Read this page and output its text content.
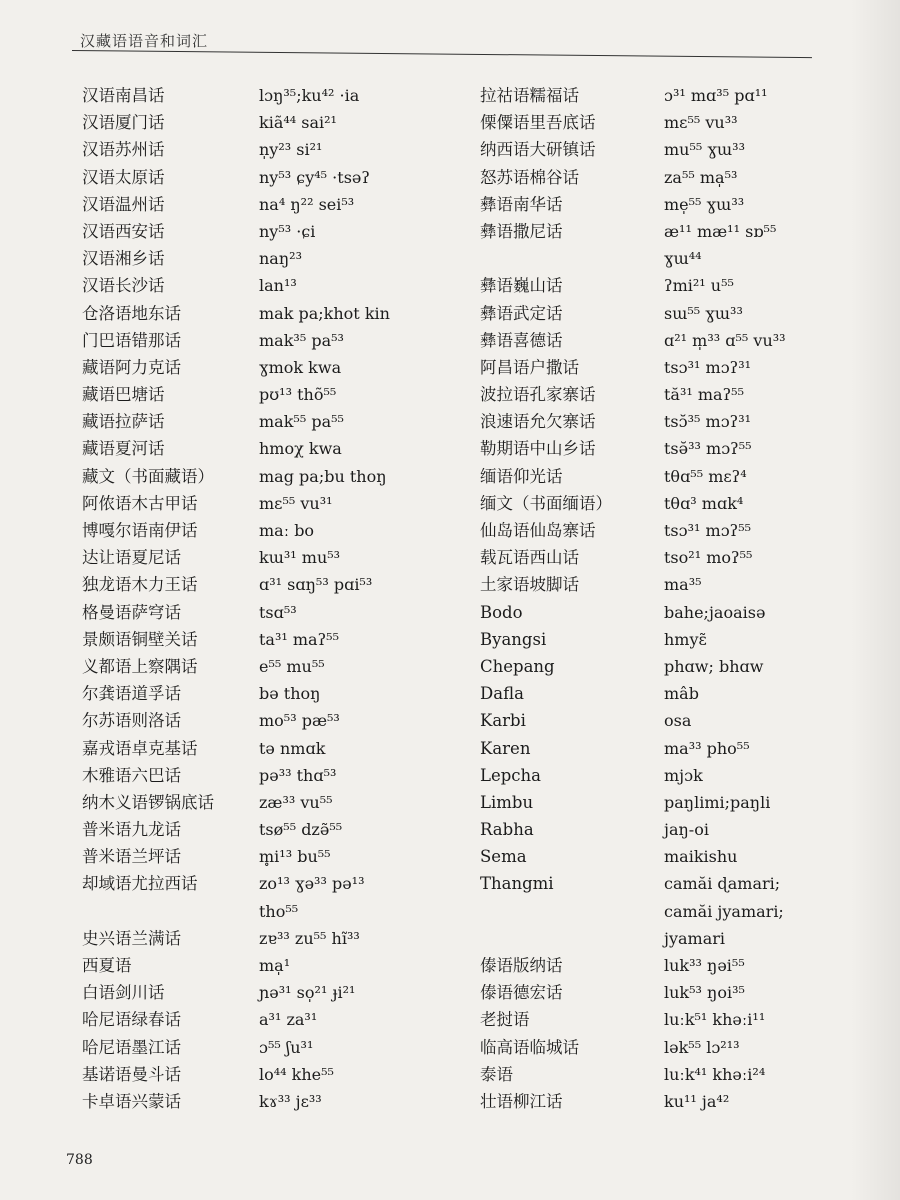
汉藏语语音和词汇
汉语南昌话
汉语厦门话
汉语苏州话
汉语太原话
汉语温州话
汉语西安话
汉语湘乡话
汉语长沙话
仓洛语地东话
门巴语错那话
藏语阿力克话
藏语巴塘话
藏语拉萨话
藏语夏河话
藏文（书面藏语）
阿侬语木古甲话
博嘎尔语南伊话
达让语夏尼话
独龙语木力王话
格曼语萨穹话
景颇语铜壁关话
义都语上察隅话
尔龚语道孚话
尔苏语则洛话
嘉戎语卓克基话
木雅语六巴话
纳木义语锣锅底话
普米语九龙话
普米语兰坪话
却域语尤拉西话
史兴语兰满话
西夏语
白语剑川话
哈尼语绿春话
哈尼语墨江话
基诺语曼斗话
卡卓语兴蒙话
lɔŋ³⁵;ku⁴² ·ia
kiã⁴⁴ sai²¹
n̩y²³ si²¹
ny⁵³ ɕy⁴⁵ ·tsəʔ
na⁴ ŋ²² sei⁵³
ny⁵³ ·ɕi
naŋ²³
lan¹³
mak pa;khot kin
mak³⁵ pa⁵³
ɣmok kwa
pʊ¹³ thõ⁵⁵
mak⁵⁵ pa⁵⁵
hmoχ kwa
mag pa;bu thoŋ
mɛ⁵⁵ vu³¹
maː bo
kɯ³¹ mu⁵³
ɑ³¹ sɑŋ⁵³ pɑi⁵³
tsɑ⁵³
ta³¹ maʔ⁵⁵
e⁵⁵ mu⁵⁵
bə thoŋ
mo⁵³ pæ⁵³
tə nmɑk
pə³³ thɑ⁵³
zæ³³ vu⁵⁵
tsø⁵⁵ dzə̃⁵⁵
m̥i¹³ bu⁵⁵
zo¹³ ɣə³³ pə¹³
tho⁵⁵
zɐ³³ zu⁵⁵ hĩ³³
ma̩¹
ɲə³¹ so̩²¹ ɟi²¹
a³¹ za³¹
ɔ⁵⁵ ʃu³¹
lo⁴⁴ khe⁵⁵
kɤ³³ jɛ³³
拉祜语糯福话
傈僳语里吾底话
纳西语大研镇话
怒苏语棉谷话
彝语南华话
彝语撒尼话
彝语巍山话
彝语武定话
彝语喜德话
阿昌语户撒话
波拉语孔家寨话
浪速语允欠寨话
勒期语中山乡话
缅语仰光话
缅文（书面缅语）
仙岛语仙岛寨话
载瓦语西山话
土家语坡脚话
Bodo
Byangsi
Chepang
Dafla
Karbi
Karen
Lepcha
Limbu
Rabha
Sema
Thangmi
傣语版纳话
傣语德宏话
老挝语
临高语临城话
泰语
壮语柳江话
ɔ³¹ mɑ³⁵ pɑ¹¹
mɛ⁵⁵ vu³³
mu⁵⁵ ɣɯ³³
za⁵⁵ ma̩⁵³
me̩⁵⁵ ɣɯ³³
æ¹¹ mæ¹¹ sɒ⁵⁵
ɣɯ⁴⁴
ʔmi²¹ u⁵⁵
sɯ⁵⁵ ɣɯ³³
ɑ²¹ m̩³³ ɑ⁵⁵ vu³³
tsɔ³¹ mɔʔ³¹
tă³¹ maʔ⁵⁵
tsɔ̆³⁵ mɔʔ³¹
tsə̆³³ mɔʔ⁵⁵
tθɑ⁵⁵ mɛʔ⁴
tθɑ³ mɑk⁴
tsɔ³¹ mɔʔ⁵⁵
tso²¹ moʔ⁵⁵
ma³⁵
bahe;jaoaisə
hmyɛ̃
phɑw; bhɑw
mâb
osa
ma³³ pho⁵⁵
mjɔk
paŋlimi;paŋli
jaŋ-oi
maikishu
camăi ɖamari;
camăi jyamari;
jyamari
luk³³ ŋəi⁵⁵
luk⁵³ ŋoi³⁵
luːk⁵¹ khəːi¹¹
lək⁵⁵ lɔ²¹³
luːk⁴¹ khəːi²⁴
ku¹¹ ja⁴²
788
